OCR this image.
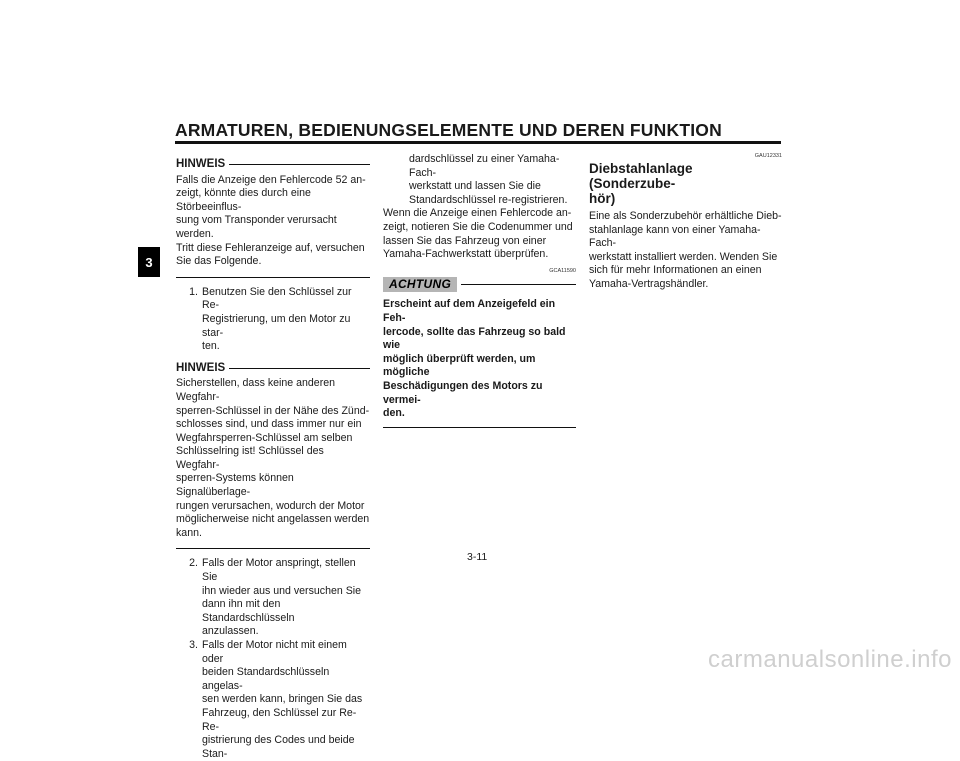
ARMATUREN, BEDIENUNGSELEMENTE UND DEREN FUNKTION
3
HINWEIS

Falls die Anzeige den Fehlercode 52 an-

zeigt, könnte dies durch eine Störbeeinflus-

sung vom Transponder verursacht werden.

Tritt diese Fehleranzeige auf, versuchen

Sie das Folgende.

1. Benutzen Sie den Schlüssel zur Re-

Registrierung, um den Motor zu star-

ten.

HINWEIS

Sicherstellen, dass keine anderen Wegfahr-

sperren-Schlüssel in der Nähe des Zünd-

schlosses sind, und dass immer nur ein

Wegfahrsperren-Schlüssel am selben

Schlüsselring ist! Schlüssel des Wegfahr-

sperren-Systems können Signalüberlage-

rungen verursachen, wodurch der Motor

möglicherweise nicht angelassen werden

kann.

2. Falls der Motor anspringt, stellen Sie

ihn wieder aus und versuchen Sie

dann ihn mit den Standardschlüsseln

anzulassen.

3. Falls der Motor nicht mit einem oder

beiden Standardschlüsseln angelas-

sen werden kann, bringen Sie das

Fahrzeug, den Schlüssel zur Re-Re-

gistrierung des Codes und beide Stan-

dardschlüssel zu einer Yamaha-Fach-

werkstatt und lassen Sie die

Standardschlüssel re-registrieren.

Wenn die Anzeige einen Fehlercode an-

zeigt, notieren Sie die Codenummer und

lassen Sie das Fahrzeug von einer

Yamaha-Fachwerkstatt überprüfen.

GCA11590
ACHTUNG

Erscheint auf dem Anzeigefeld ein Feh-

lercode, sollte das Fahrzeug so bald wie

möglich überprüft werden, um mögliche

Beschädigungen des Motors zu vermei-

den.

GAU12331
Diebstahlanlage (Sonderzube-
hör)

Eine als Sonderzubehör erhältliche Dieb-

stahlanlage kann von einer Yamaha-Fach-

werkstatt installiert werden. Wenden Sie

sich für mehr Informationen an einen

Yamaha-Vertragshändler.

3-11
carmanualsonline.info
